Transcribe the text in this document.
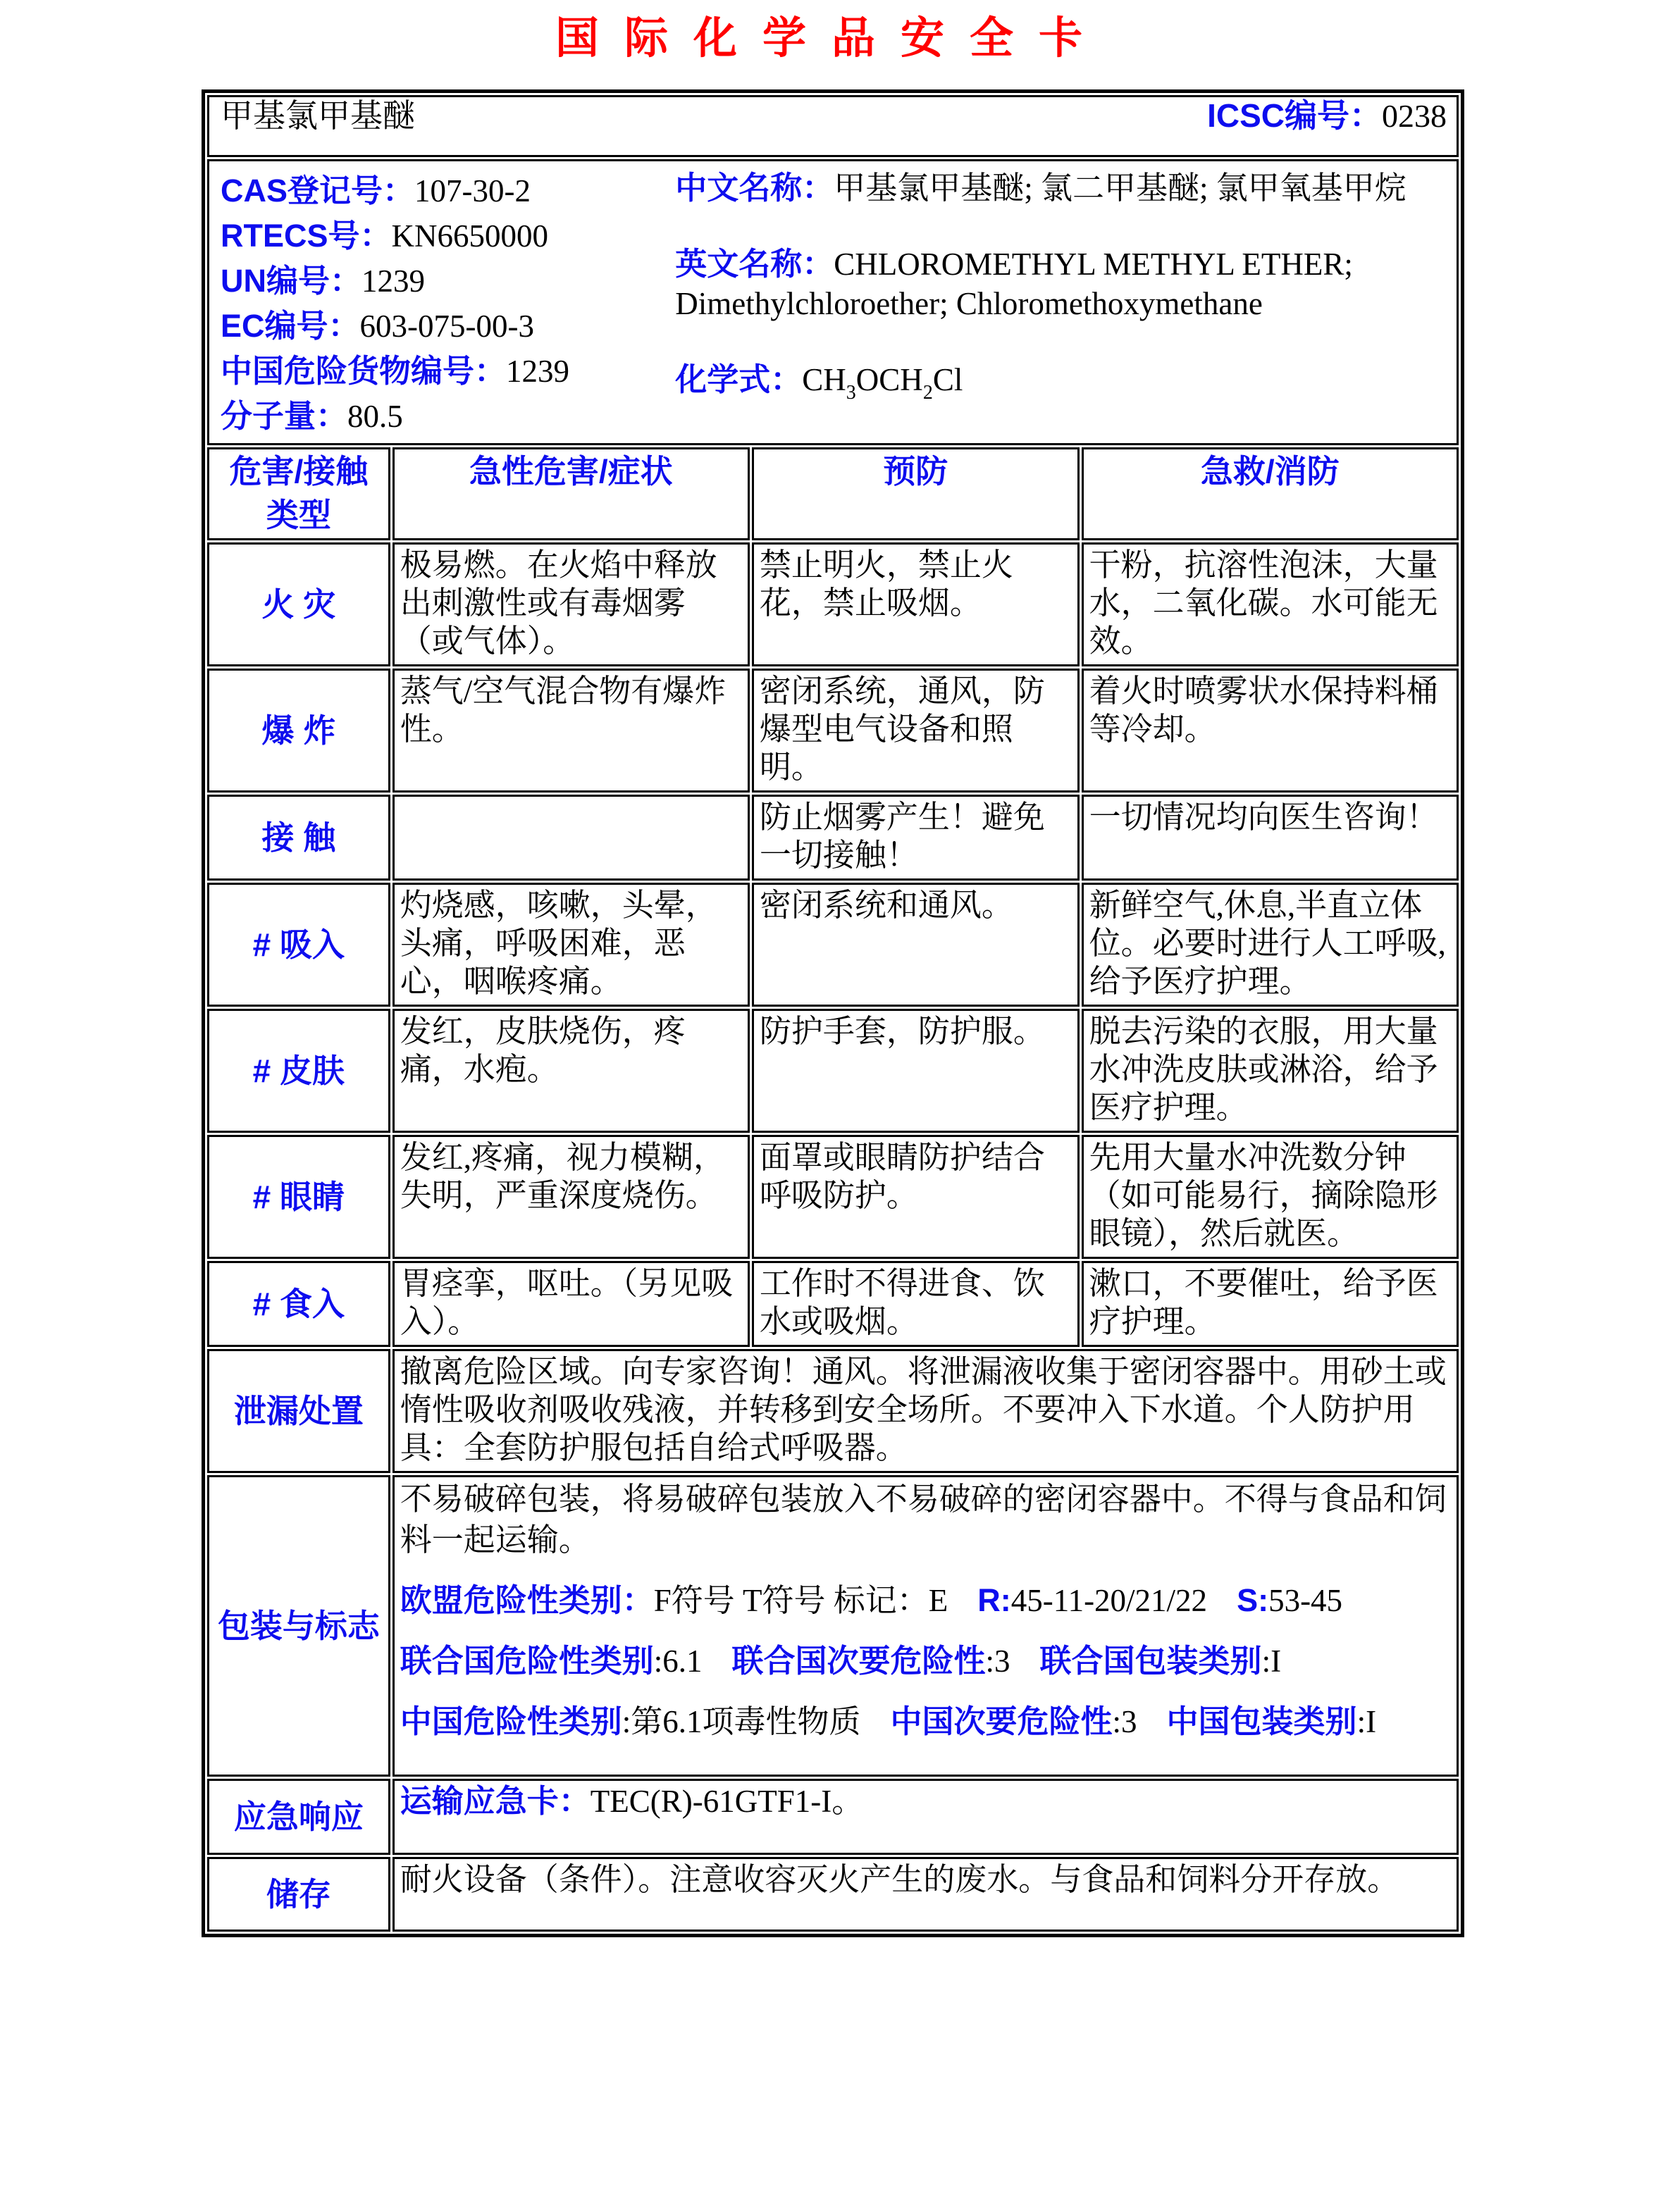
国际化学品安全卡
甲基氯甲基醚 ICSC编号：0238			

CAS登记号：107-30-2
RTECS号：KN6650000
UN编号：1239
EC编号：603-075-00-3
中国危险货物编号：1239
分子量：80.5

中文名称：甲基氯甲基醚; 氯二甲基醚; 氯甲氧基甲烷

英文名称：CHLOROMETHYL METHYL ETHER; Dimethylchloroether; Chloromethoxymethane

化学式：$CH_3OCH_2Cl$

危害/接触 类型	急性危害/症状	预防	急救/消防
火 灾	极易燃。在火焰中释放出刺激性或有毒烟雾（或气体）。	禁止明火，禁止火花，禁止吸烟。	干粉，抗溶性泡沫，大量水，二氧化碳。水可能无效。
爆 炸	蒸气/空气混合物有爆炸性。	密闭系统，通风，防爆型电气设备和照明。	着火时喷雾状水保持料桶等冷却。
接 触		防止烟雾产生！避免一切接触！	一切情况均向医生咨询！
# 吸入	灼烧感，咳嗽，头晕，头痛，呼吸困难，恶心，咽喉疼痛。	密闭系统和通风。	新鲜空气,休息,半直立体位。必要时进行人工呼吸,给予医疗护理。
# 皮肤	发红，皮肤烧伤，疼痛，水疱。	防护手套，防护服。	脱去污染的衣服，用大量水冲洗皮肤或淋浴，给予医疗护理。
# 眼睛	发红,疼痛，视力模糊，失明，严重深度烧伤。	面罩或眼睛防护结合呼吸防护。	先用大量水冲洗数分钟（如可能易行，摘除隐形眼镜），然后就医。
# 食入	胃痉挛，呕吐。（另见吸入）。	工作时不得进食、饮水或吸烟。	漱口，不要催吐，给予医疗护理。
泄漏处置	撤离危险区域。向专家咨询！通风。将泄漏液收集于密闭容器中。用砂土或惰性吸收剂吸收残液，并转移到安全场所。不要冲入下水道。个人防护用具：全套防护服包括自给式呼吸器。		
包装与标志	不易破碎包装，将易破碎包装放入不易破碎的密闭容器中。不得与食品和饲料一起运输。

欧盟危险性类别：F符号 T符号 标记：E R:45-11-20/21/22 S:53-45

联合国危险性类别:6.1 联合国次要危险性:3 联合国包装类别:I

中国危险性类别:第6.1项毒性物质 中国次要危险性:3 中国包装类别:I		

应急响应	运输应急卡：TEC(R)-61GTF1-I。		
储存	耐火设备（条件）。注意收容灭火产生的废水。与食品和饲料分开存放。		
